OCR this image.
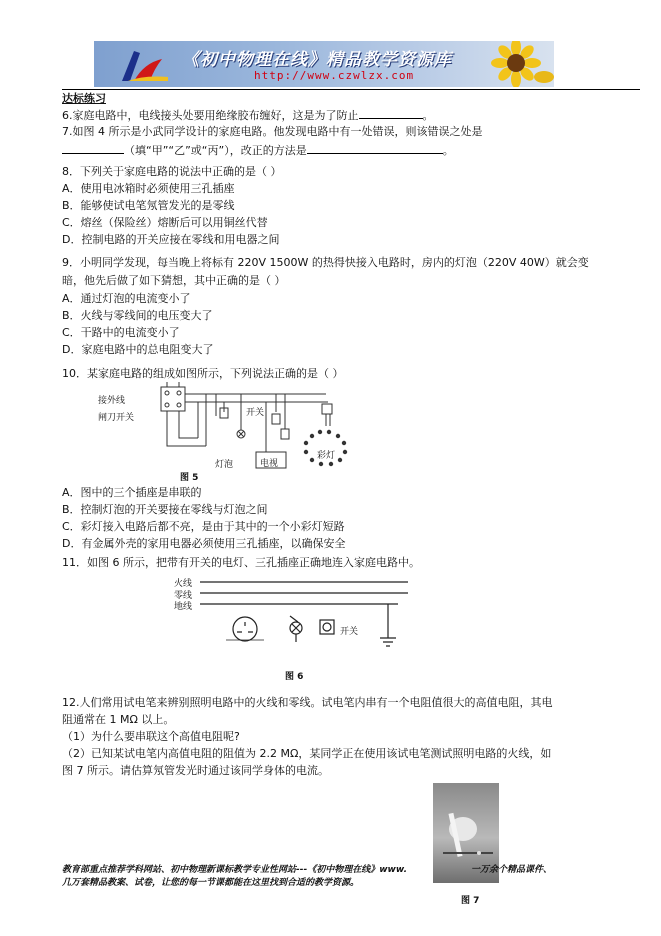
《初中物理在线》精品教学资源库
http://www.czwlzx.com
达标练习
6.家庭电路中，电线接头处要用绝缘胶布缠好，这是为了防止	。
7.如图 4 所示是小武同学设计的家庭电路。他发现电路中有一处错误，则该错误之处是
（填“甲”“乙”或“丙”），改正的方法是	。
8．下列关于家庭电路的说法中正确的是（ ）
A．使用电冰箱时必须使用三孔插座
B．能够使试电笔氖管发光的是零线
C．熔丝（保险丝）熔断后可以用铜丝代替
D．控制电路的开关应接在零线和用电器之间
9．小明同学发现，每当晚上将标有 220V 1500W 的热得快接入电路时，房内的灯泡（220V 40W）就会变
暗，他先后做了如下猜想，其中正确的是（ ）
A．通过灯泡的电流变小了
B．火线与零线间的电压变大了
C．干路中的电流变小了
D．家庭电路中的总电阻变大了
10．某家庭电路的组成如图所示，下列说法正确的是（ ）
接外线
闸刀开关	开关
灯泡	电视
彩灯
图 5
A．图中的三个插座是串联的
B．控制灯泡的开关要接在零线与灯泡之间
C．彩灯接入电路后都不亮，是由于其中的一个小彩灯短路
D．有金属外壳的家用电器必须使用三孔插座，以确保安全
11．如图 6 所示，把带有开关的电灯、三孔插座正确地连入家庭电路中。
火线
零线
地线
开关
图 6
12.人们常用试电笔来辨别照明电路中的火线和零线。试电笔内串有一个电阻值很大的高值电阻，其电
阻通常在 1 MΩ 以上。
（1）为什么要串联这个高值电阻呢?
（2）已知某试电笔内高值电阻的阻值为 2.2 MΩ，某同学正在使用该试电笔测试照明电路的火线，如
图 7 所示。请估算氖管发光时通过该同学身体的电流。
图 7
教育部重点推荐学科网站、初中物理新课标教学专业性网站---《初中物理在线》www.	一万余个精品课件、
几万套精品教案、试卷，让您的每一节课都能在这里找到合适的教学资源。
